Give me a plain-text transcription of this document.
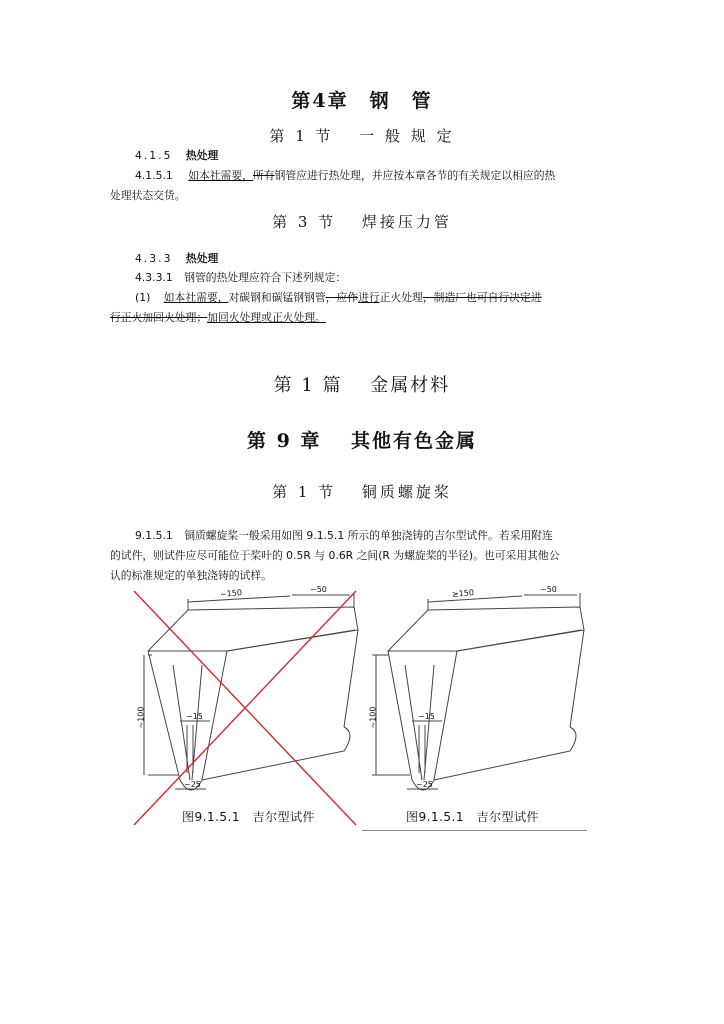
第4章　钢　管
第 1 节　 一 般 规 定
4.1.5 热处理
4.1.5.1 如本社需要，所有钢管应进行热处理，并应按本章各节的有关规定以相应的热
处理状态交货。
第 3 节　 焊接压力管
4.3.3 热处理
4.3.3.1 钢管的热处理应符合下述列规定：
(1) 如本社需要，对碳钢和碳锰钢钢管，应作进行正火处理，制造厂也可自行决定进
行正火加回火处理；加回火处理或正火处理。
第 1 篇　 金属材料
第 9 章　 其他有色金属
第 1 节　 铜质螺旋桨
9.1.5.1 铜质螺旋桨一般采用如图 9.1.5.1 所示的单独浇铸的吉尔型试件。若采用附连
的试件，则试件应尽可能位于桨叶的 0.5R 与 0.6R 之间(R 为螺旋桨的半径)。也可采用其他公
认的标准规定的单独浇铸的试样。
~150	~50
~100	~15
~25
图9.1.5.1　吉尔型试件
≥150	~50
~100	~15
~25
图9.1.5.1　吉尔型试件
